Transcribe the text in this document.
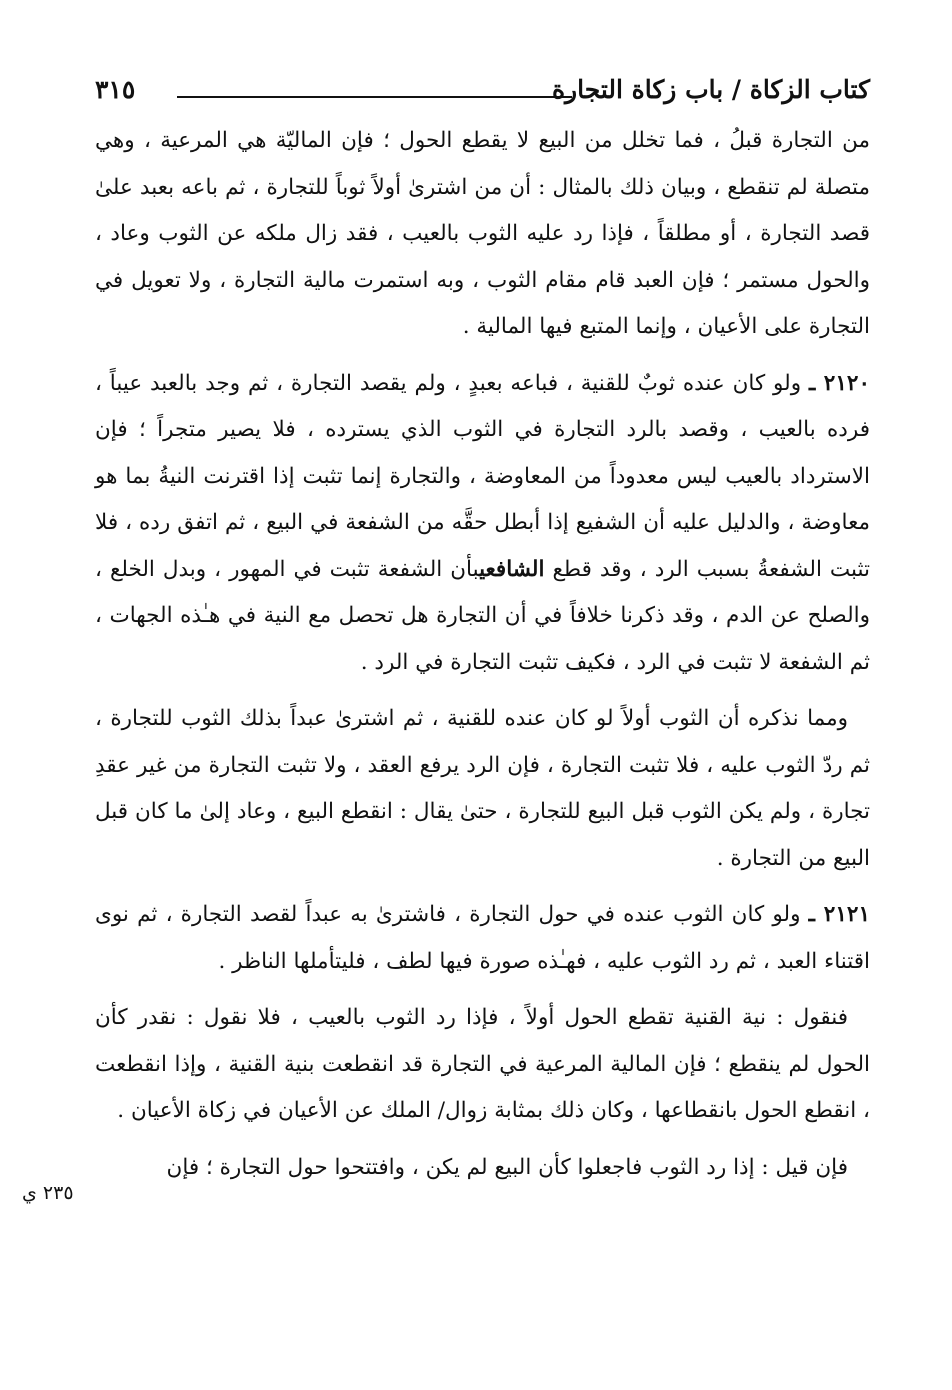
كتاب الزكاة / باب زكاة التجارة
٣١٥

من التجارة قبلُ ، فما تخلل من البيع لا يقطع الحول ؛ فإن الماليّة هي المرعية ، وهي متصلة لم تنقطع ، وبيان ذلك بالمثال : أن من اشترىٰ أولاً ثوباً للتجارة ، ثم باعه بعبد علىٰ قصد التجارة ، أو مطلقاً ، فإذا رد عليه الثوب بالعيب ، فقد زال ملكه عن الثوب وعاد ، والحول مستمر ؛ فإن العبد قام مقام الثوب ، وبه استمرت مالية التجارة ، ولا تعويل في التجارة على الأعيان ، وإنما المتبع فيها المالية .

٢١٢٠ ـ ولو كان عنده ثوبٌ للقنية ، فباعه بعبدٍ ، ولم يقصد التجارة ، ثم وجد بالعبد عيباً ، فرده بالعيب ، وقصد بالرد التجارة في الثوب الذي يسترده ، فلا يصير متجراً ؛ فإن الاسترداد بالعيب ليس معدوداً من المعاوضة ، والتجارة إنما تثبت إذا اقترنت النيةُ بما هو معاوضة ، والدليل عليه أن الشفيع إذا أبطل حقَّه من الشفعة في البيع ، ثم اتفق رده ، فلا تثبت الشفعةُ بسبب الرد ، وقد قطع الشافعيبأن الشفعة تثبت في المهور ، وبدل الخلع ، والصلح عن الدم ، وقد ذكرنا خلافاً في أن التجارة هل تحصل مع النية في هـٰذه الجهات ، ثم الشفعة لا تثبت في الرد ، فكيف تثبت التجارة في الرد .

ومما نذكره أن الثوب أولاً لو كان عنده للقنية ، ثم اشترىٰ عبداً بذلك الثوب للتجارة ، ثم ردّ الثوب عليه ، فلا تثبت التجارة ، فإن الرد يرفع العقد ، ولا تثبت التجارة من غير عقدِ تجارة ، ولم يكن الثوب قبل البيع للتجارة ، حتىٰ يقال : انقطع البيع ، وعاد إلىٰ ما كان قبل البيع من التجارة .

٢١٢١ ـ ولو كان الثوب عنده في حول التجارة ، فاشترىٰ به عبداً لقصد التجارة ، ثم نوى اقتناء العبد ، ثم رد الثوب عليه ، فهـٰذه صورة فيها لطف ، فليتأملها الناظر .

فنقول : نية القنية تقطع الحول أولاً ، فإذا رد الثوب بالعيب ، فلا نقول : نقدر كأن الحول لم ينقطع ؛ فإن المالية المرعية في التجارة قد انقطعت بنية القنية ، وإذا انقطعت ، انقطع الحول بانقطاعها ، وكان ذلك بمثابة زوال/ الملك عن الأعيان في زكاة الأعيان .

فإن قيل : إذا رد الثوب فاجعلوا كأن البيع لم يكن ، وافتتحوا حول التجارة ؛ فإن

٢٣٥ ي
